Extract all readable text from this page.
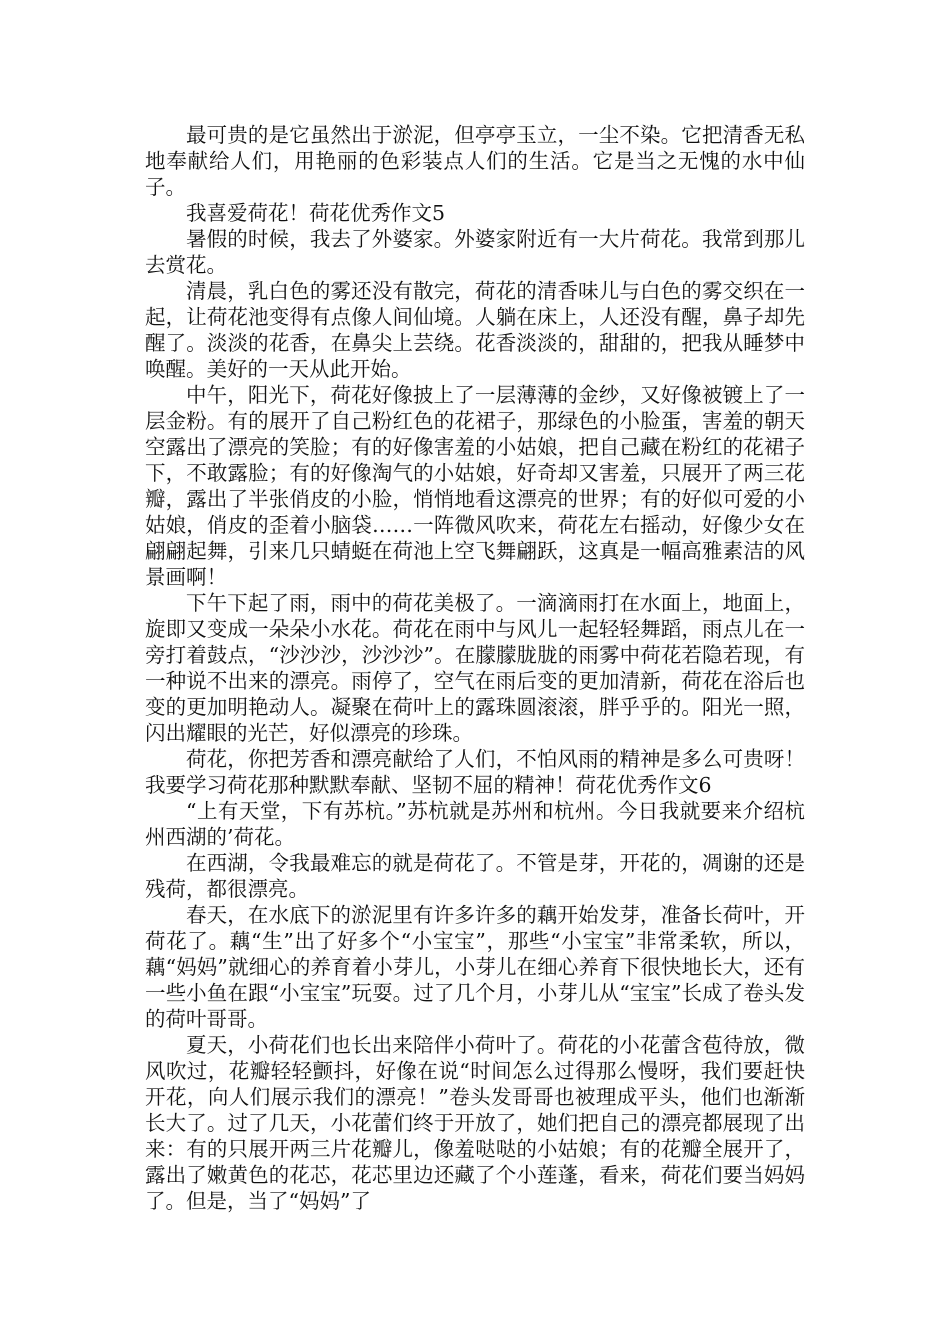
最可贵的是它虽然出于淤泥，但亭亭玉立，一尘不染。它把清香无私地奉献给人们，用艳丽的色彩装点人们的生活。它是当之无愧的水中仙子。

我喜爱荷花！荷花优秀作文5

暑假的时候，我去了外婆家。外婆家附近有一大片荷花。我常到那儿去赏花。

清晨，乳白色的雾还没有散完，荷花的清香味儿与白色的雾交织在一起，让荷花池变得有点像人间仙境。人躺在床上，人还没有醒，鼻子却先醒了。淡淡的花香，在鼻尖上芸绕。花香淡淡的，甜甜的，把我从睡梦中唤醒。美好的一天从此开始。

中午，阳光下，荷花好像披上了一层薄薄的金纱，又好像被镀上了一层金粉。有的展开了自己粉红色的花裙子，那绿色的小脸蛋，害羞的朝天空露出了漂亮的笑脸；有的好像害羞的小姑娘，把自己藏在粉红的花裙子下，不敢露脸；有的好像淘气的小姑娘，好奇却又害羞，只展开了两三花瓣，露出了半张俏皮的小脸，悄悄地看这漂亮的世界；有的好似可爱的小姑娘，俏皮的歪着小脑袋……一阵微风吹来，荷花左右摇动，好像少女在翩翩起舞，引来几只蜻蜓在荷池上空飞舞翩跃，这真是一幅高雅素洁的风景画啊！

下午下起了雨，雨中的荷花美极了。一滴滴雨打在水面上，地面上，旋即又变成一朵朵小水花。荷花在雨中与风儿一起轻轻舞蹈，雨点儿在一旁打着鼓点，“沙沙沙，沙沙沙”。在朦朦胧胧的雨雾中荷花若隐若现，有一种说不出来的漂亮。雨停了，空气在雨后变的更加清新，荷花在浴后也变的更加明艳动人。凝聚在荷叶上的露珠圆滚滚，胖乎乎的。阳光一照，闪出耀眼的光芒，好似漂亮的珍珠。

荷花，你把芳香和漂亮献给了人们，不怕风雨的精神是多么可贵呀！我要学习荷花那种默默奉献、坚韧不屈的精神！荷花优秀作文6

“上有天堂，下有苏杭。”苏杭就是苏州和杭州。今日我就要来介绍杭州西湖的’荷花。

在西湖，令我最难忘的就是荷花了。不管是芽，开花的，凋谢的还是残荷，都很漂亮。

春天，在水底下的淤泥里有许多许多的藕开始发芽，准备长荷叶，开荷花了。藕“生”出了好多个“小宝宝”，那些“小宝宝”非常柔软，所以，藕“妈妈”就细心的养育着小芽儿，小芽儿在细心养育下很快地长大，还有一些小鱼在跟“小宝宝”玩耍。过了几个月，小芽儿从“宝宝”长成了卷头发的荷叶哥哥。

夏天，小荷花们也长出来陪伴小荷叶了。荷花的小花蕾含苞待放，微风吹过，花瓣轻轻颤抖，好像在说“时间怎么过得那么慢呀，我们要赶快开花，向人们展示我们的漂亮！”卷头发哥哥也被理成平头，他们也渐渐长大了。过了几天，小花蕾们终于开放了，她们把自己的漂亮都展现了出来：有的只展开两三片花瓣儿，像羞哒哒的小姑娘；有的花瓣全展开了，露出了嫩黄色的花芯，花芯里边还藏了个小莲蓬，看来，荷花们要当妈妈了。但是，当了“妈妈”了
